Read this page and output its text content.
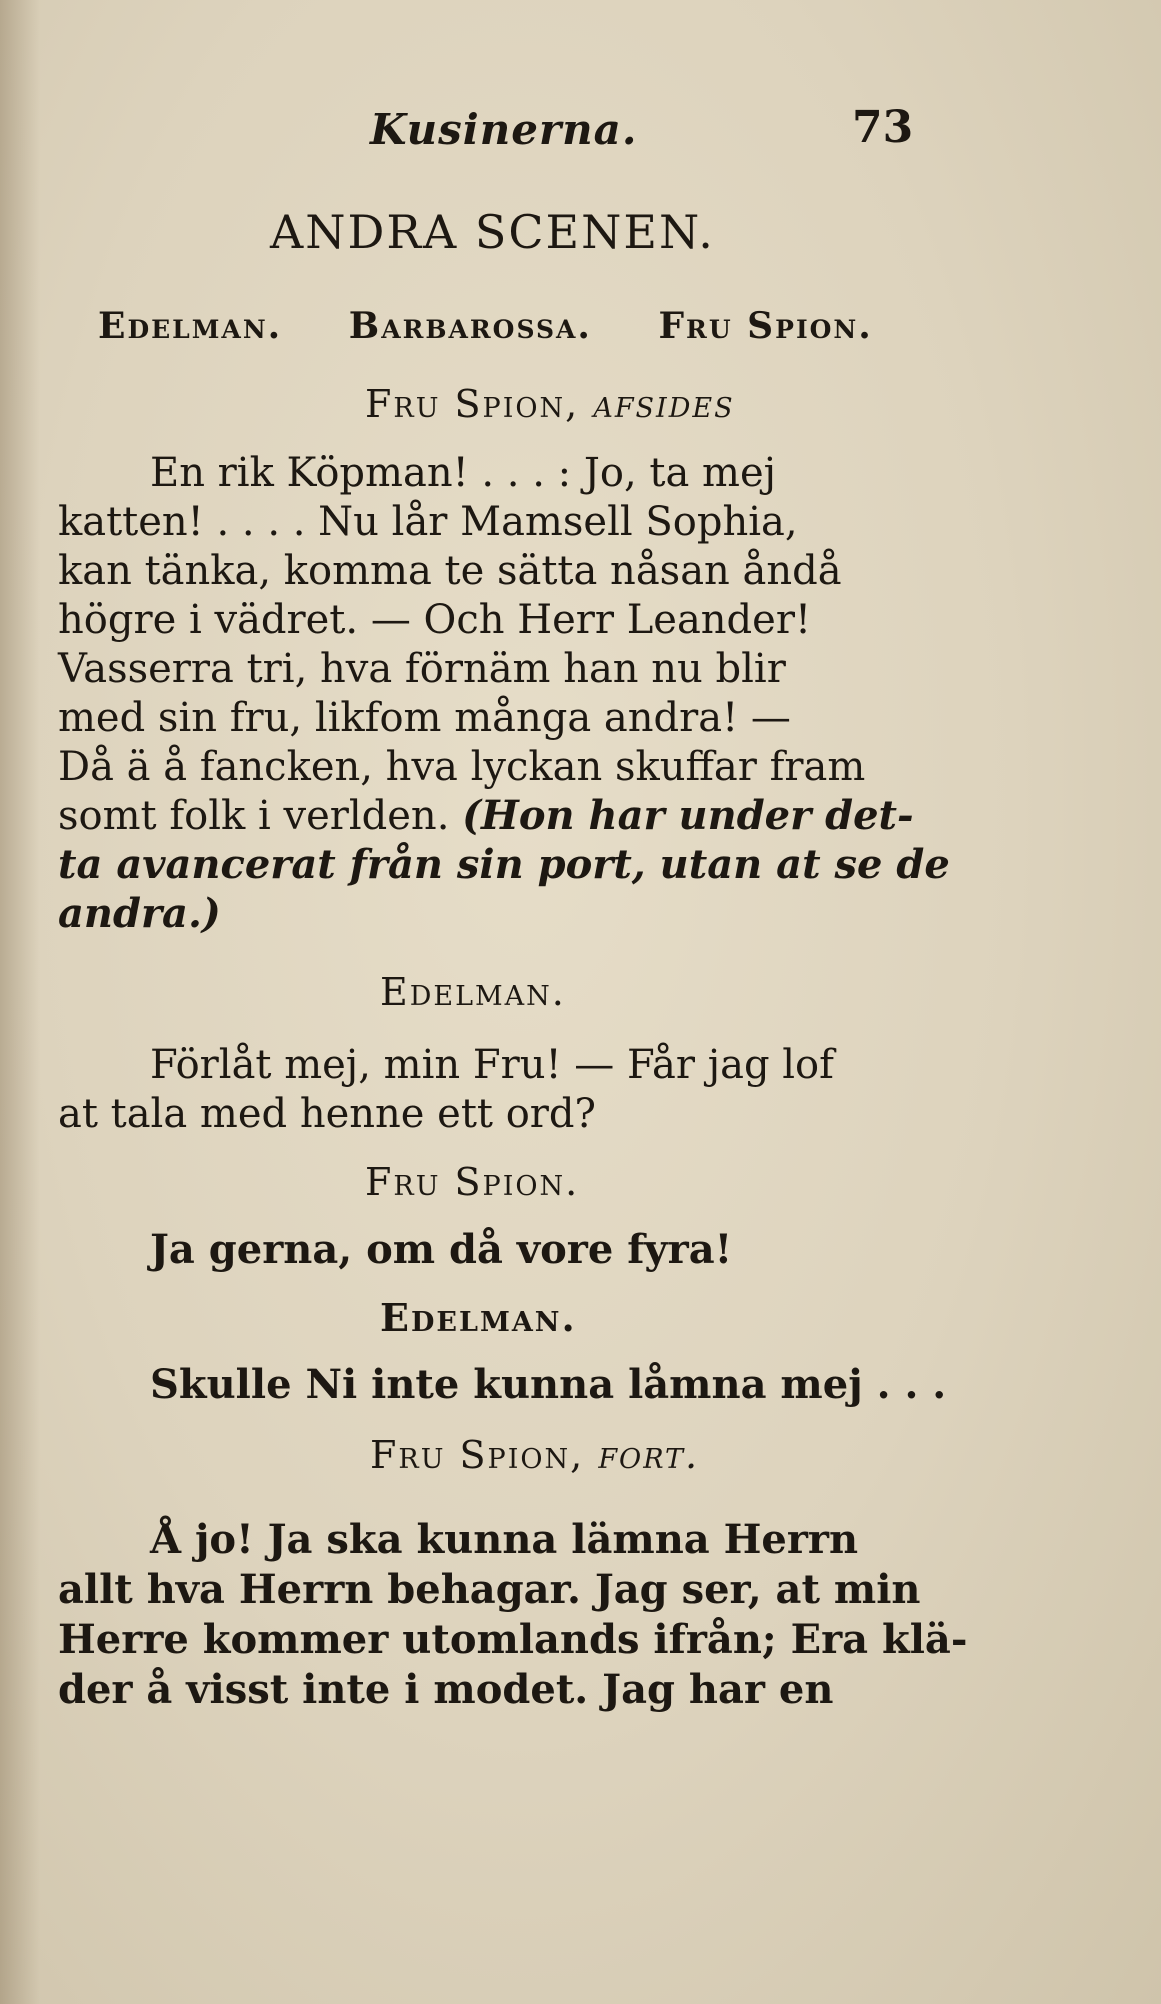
Kusinerna.	73
ANDRA SCENEN.
Edelman. Barbarossa. Fru Spion.
Fru Spion, afsides
En rik Köpman! . . . : Jo, ta mej
katten! . . . . Nu lår Mamsell Sophia,
kan tänka, komma te sätta nåsan åndå
högre i vädret. — Och Herr Leander!
Vasserra tri, hva förnäm han nu blir
med sin fru, likfom många andra! —
Då ä å fancken, hva lyckan skuffar fram
somt folk i verlden. (Hon har under det-
ta avancerat från sin port, utan at se de
andra.)
Edelman.
Förlåt mej, min Fru! — Får jag lof
at tala med henne ett ord?
Fru Spion.
Ja gerna, om då vore fyra!
Edelman.
Skulle Ni inte kunna låmna mej . . .
Fru Spion, fort.
Å jo! Ja ska kunna lämna Herrn
allt hva Herrn behagar. Jag ser, at min
Herre kommer utomlands ifrån; Era klä-
der å visst inte i modet. Jag har en
